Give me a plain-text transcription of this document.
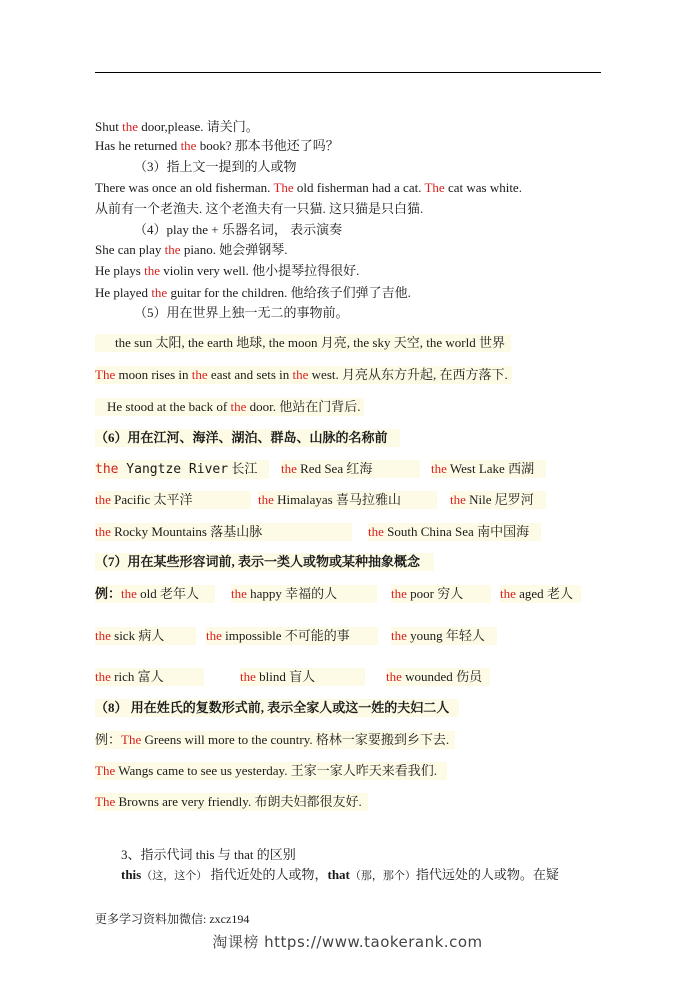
Shut the door,please. 请关门。
Has he returned the book? 那本书他还了吗？
（3）指上文一提到的人或物
There was once an old fisherman. The old fisherman had a cat. The cat was white.
从前有一个老渔夫. 这个老渔夫有一只猫. 这只猫是只白猫.
（4）play the + 乐器名词， 表示演奏
She can play the piano. 她会弹钢琴.
He plays the violin very well. 他小提琴拉得很好.
He played the guitar for the children. 他给孩子们弹了吉他.
（5）用在世界上独一无二的事物前。
the sun 太阳, the earth 地球, the moon 月亮, the sky 天空, the world 世界
The moon rises in the east and sets in the west. 月亮从东方升起, 在西方落下.
He stood at the back of the door. 他站在门背后.
（6）用在江河、海洋、湖泊、群岛、山脉的名称前
the Yangtze River 长江	the Red Sea 红海	the West Lake 西湖
the Pacific 太平洋	the Himalayas 喜马拉雅山	the Nile 尼罗河
the Rocky Mountains 落基山脉	the South China Sea 南中国海
（7）用在某些形容词前, 表示一类人或物或某种抽象概念
例：the old 老年人	the happy 幸福的人	the poor 穷人	the aged 老人
the sick 病人	the impossible 不可能的事	the young 年轻人
the rich 富人	the blind 盲人	the wounded 伤员
（8） 用在姓氏的复数形式前, 表示全家人或这一姓的夫妇二人
例：The Greens will more to the country. 格林一家要搬到乡下去.
The Wangs came to see us yesterday. 王家一家人昨天来看我们.
The Browns are very friendly. 布朗夫妇都很友好.
3、指示代词 this 与 that 的区别
this（这，这个） 指代近处的人或物，that（那，那个）指代远处的人或物。在疑
更多学习资料加微信: zxcz194
淘课榜 https://www.taokerank.com
